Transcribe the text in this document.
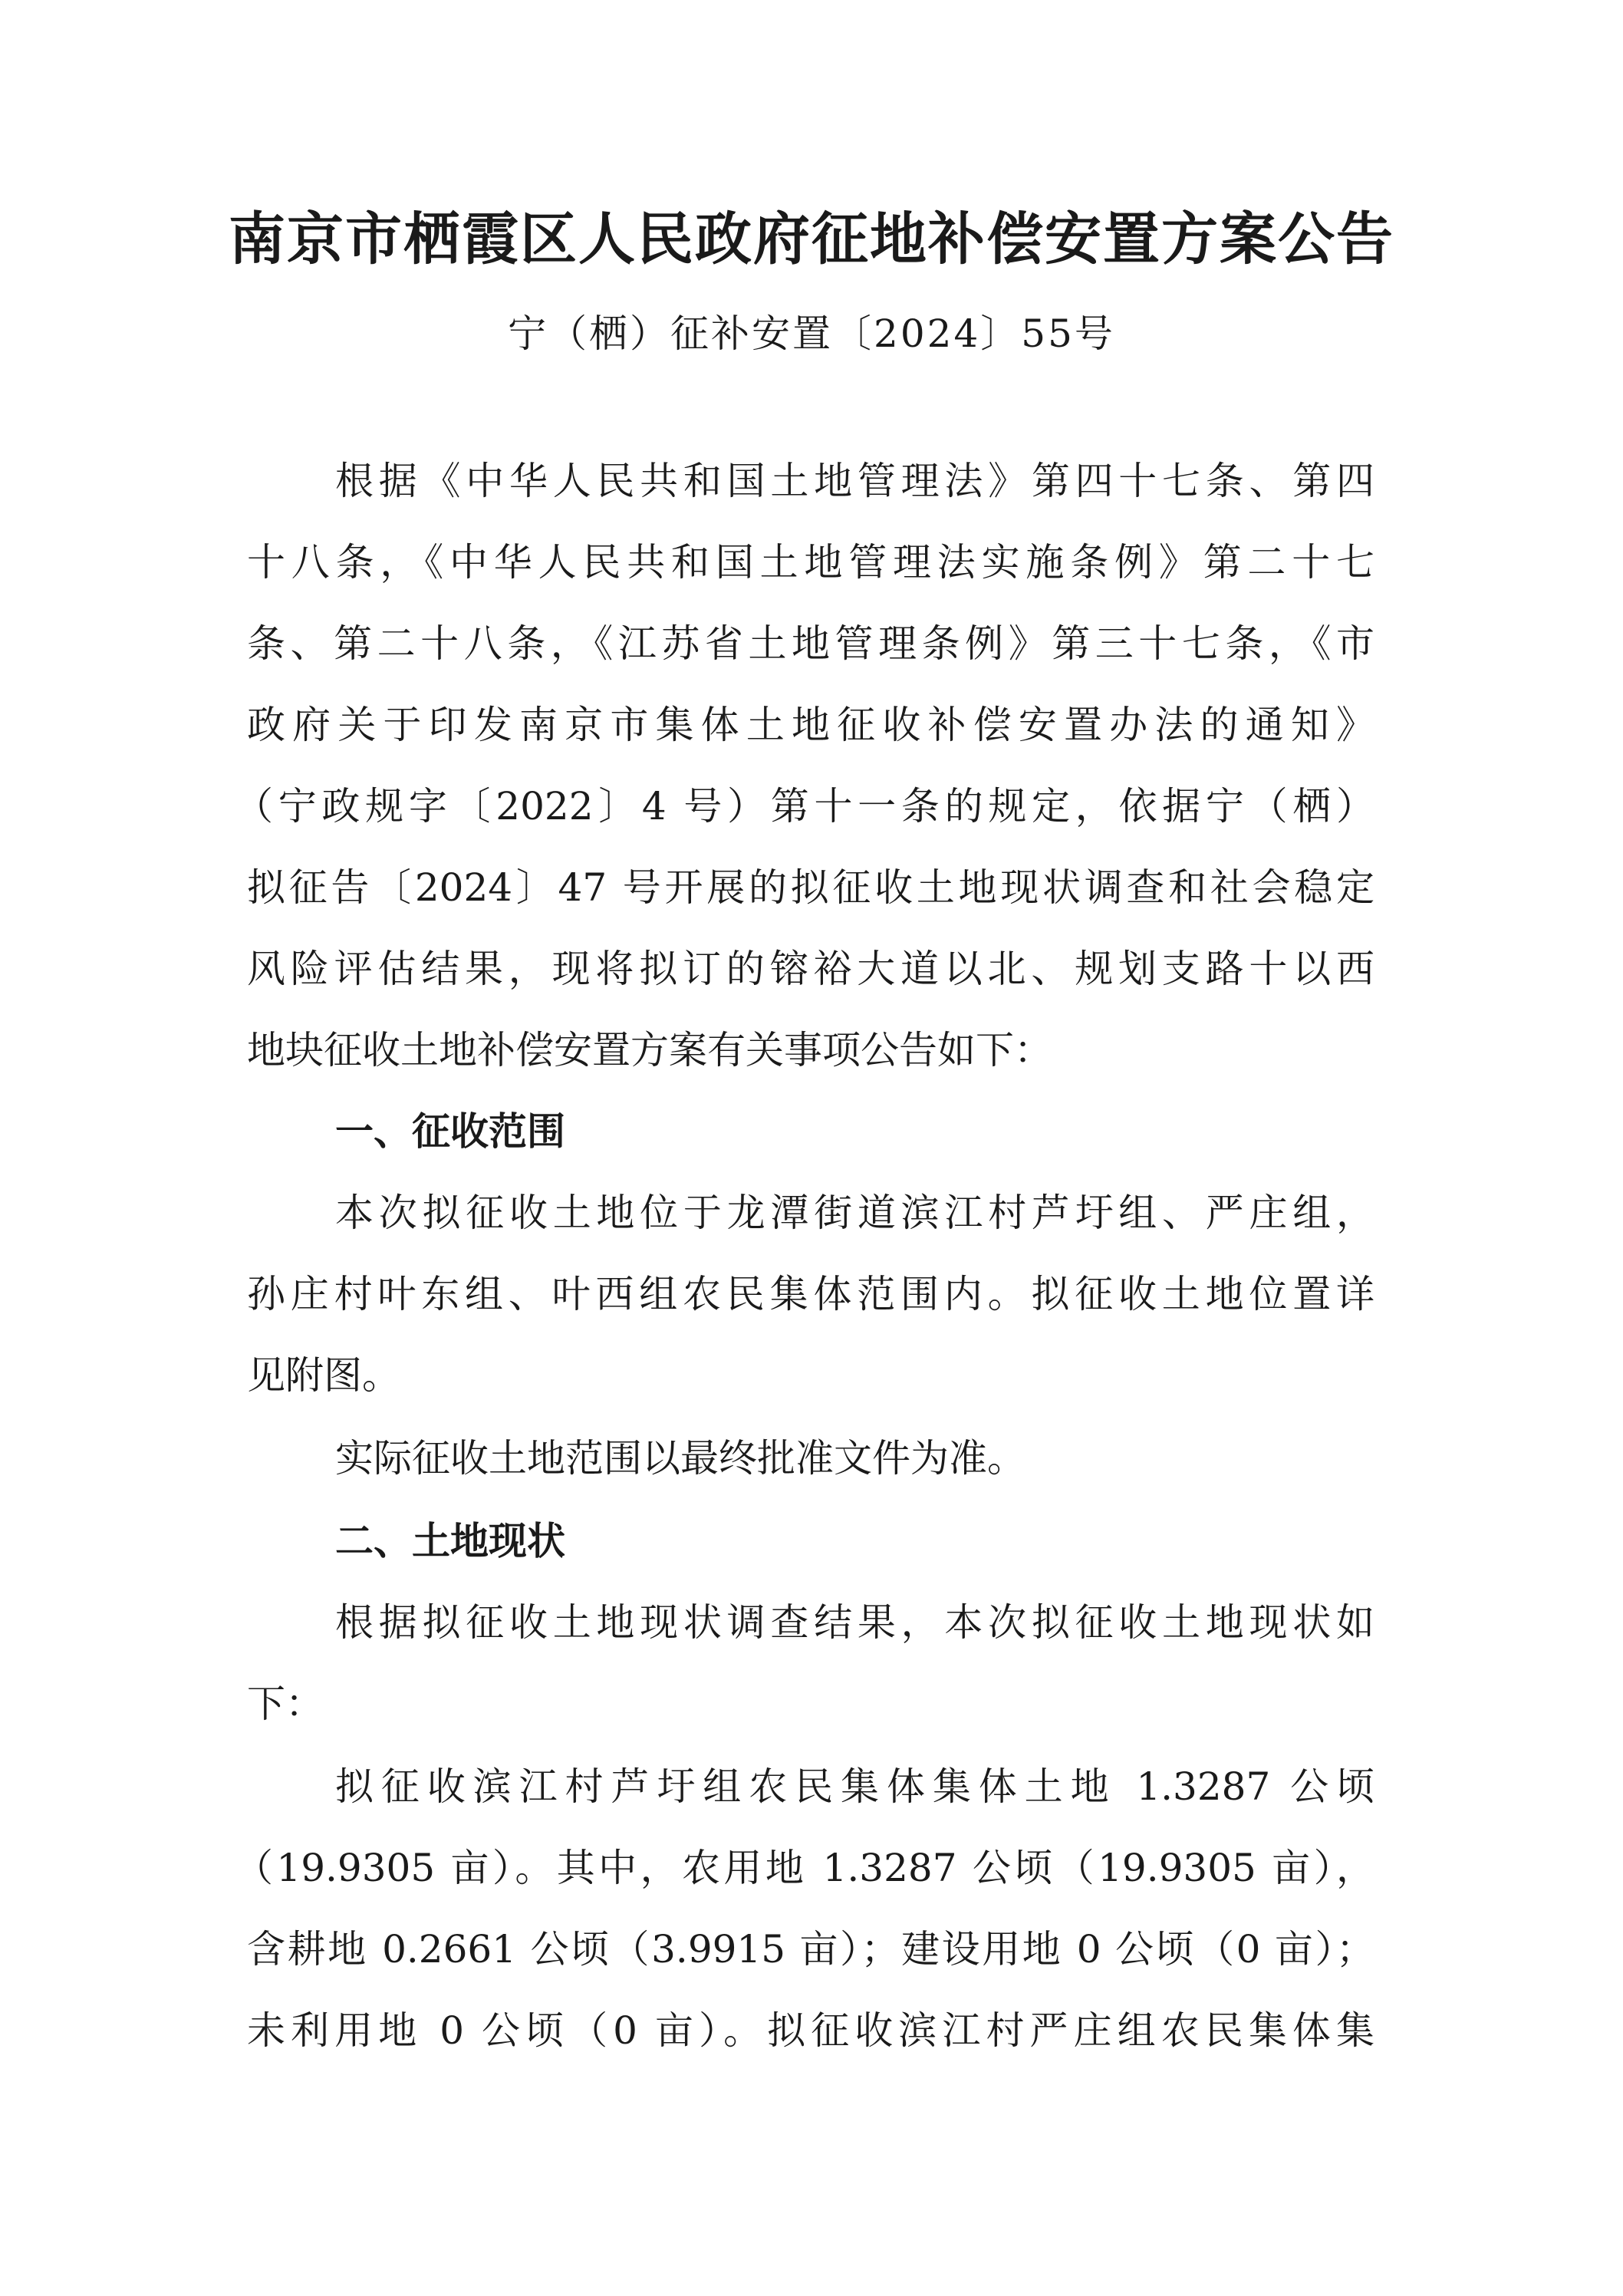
南京市栖霞区人民政府征地补偿安置方案公告
宁（栖）征补安置〔2024〕55号
根据《中华人民共和国土地管理法》第四十七条、第四
十八条，《中华人民共和国土地管理法实施条例》第二十七
条、第二十八条，《江苏省土地管理条例》第三十七条，《市
政府关于印发南京市集体土地征收补偿安置办法的通知》
（宁政规字〔2022〕4 号）第十一条的规定，依据宁（栖）
拟征告〔2024〕47 号开展的拟征收土地现状调查和社会稳定
风险评估结果，现将拟订的镕裕大道以北、规划支路十以西
地块征收土地补偿安置方案有关事项公告如下：
一、征收范围
本次拟征收土地位于龙潭街道滨江村芦圩组、严庄组，
孙庄村叶东组、叶西组农民集体范围内。拟征收土地位置详
见附图。
实际征收土地范围以最终批准文件为准。
二、土地现状
根据拟征收土地现状调查结果，本次拟征收土地现状如
下：
拟征收滨江村芦圩组农民集体集体土地 1.3287 公顷
（19.9305 亩）。其中，农用地 1.3287 公顷（19.9305 亩），
含耕地 0.2661 公顷（3.9915 亩）；建设用地 0 公顷（0 亩）；
未利用地 0 公顷（0 亩）。拟征收滨江村严庄组农民集体集
